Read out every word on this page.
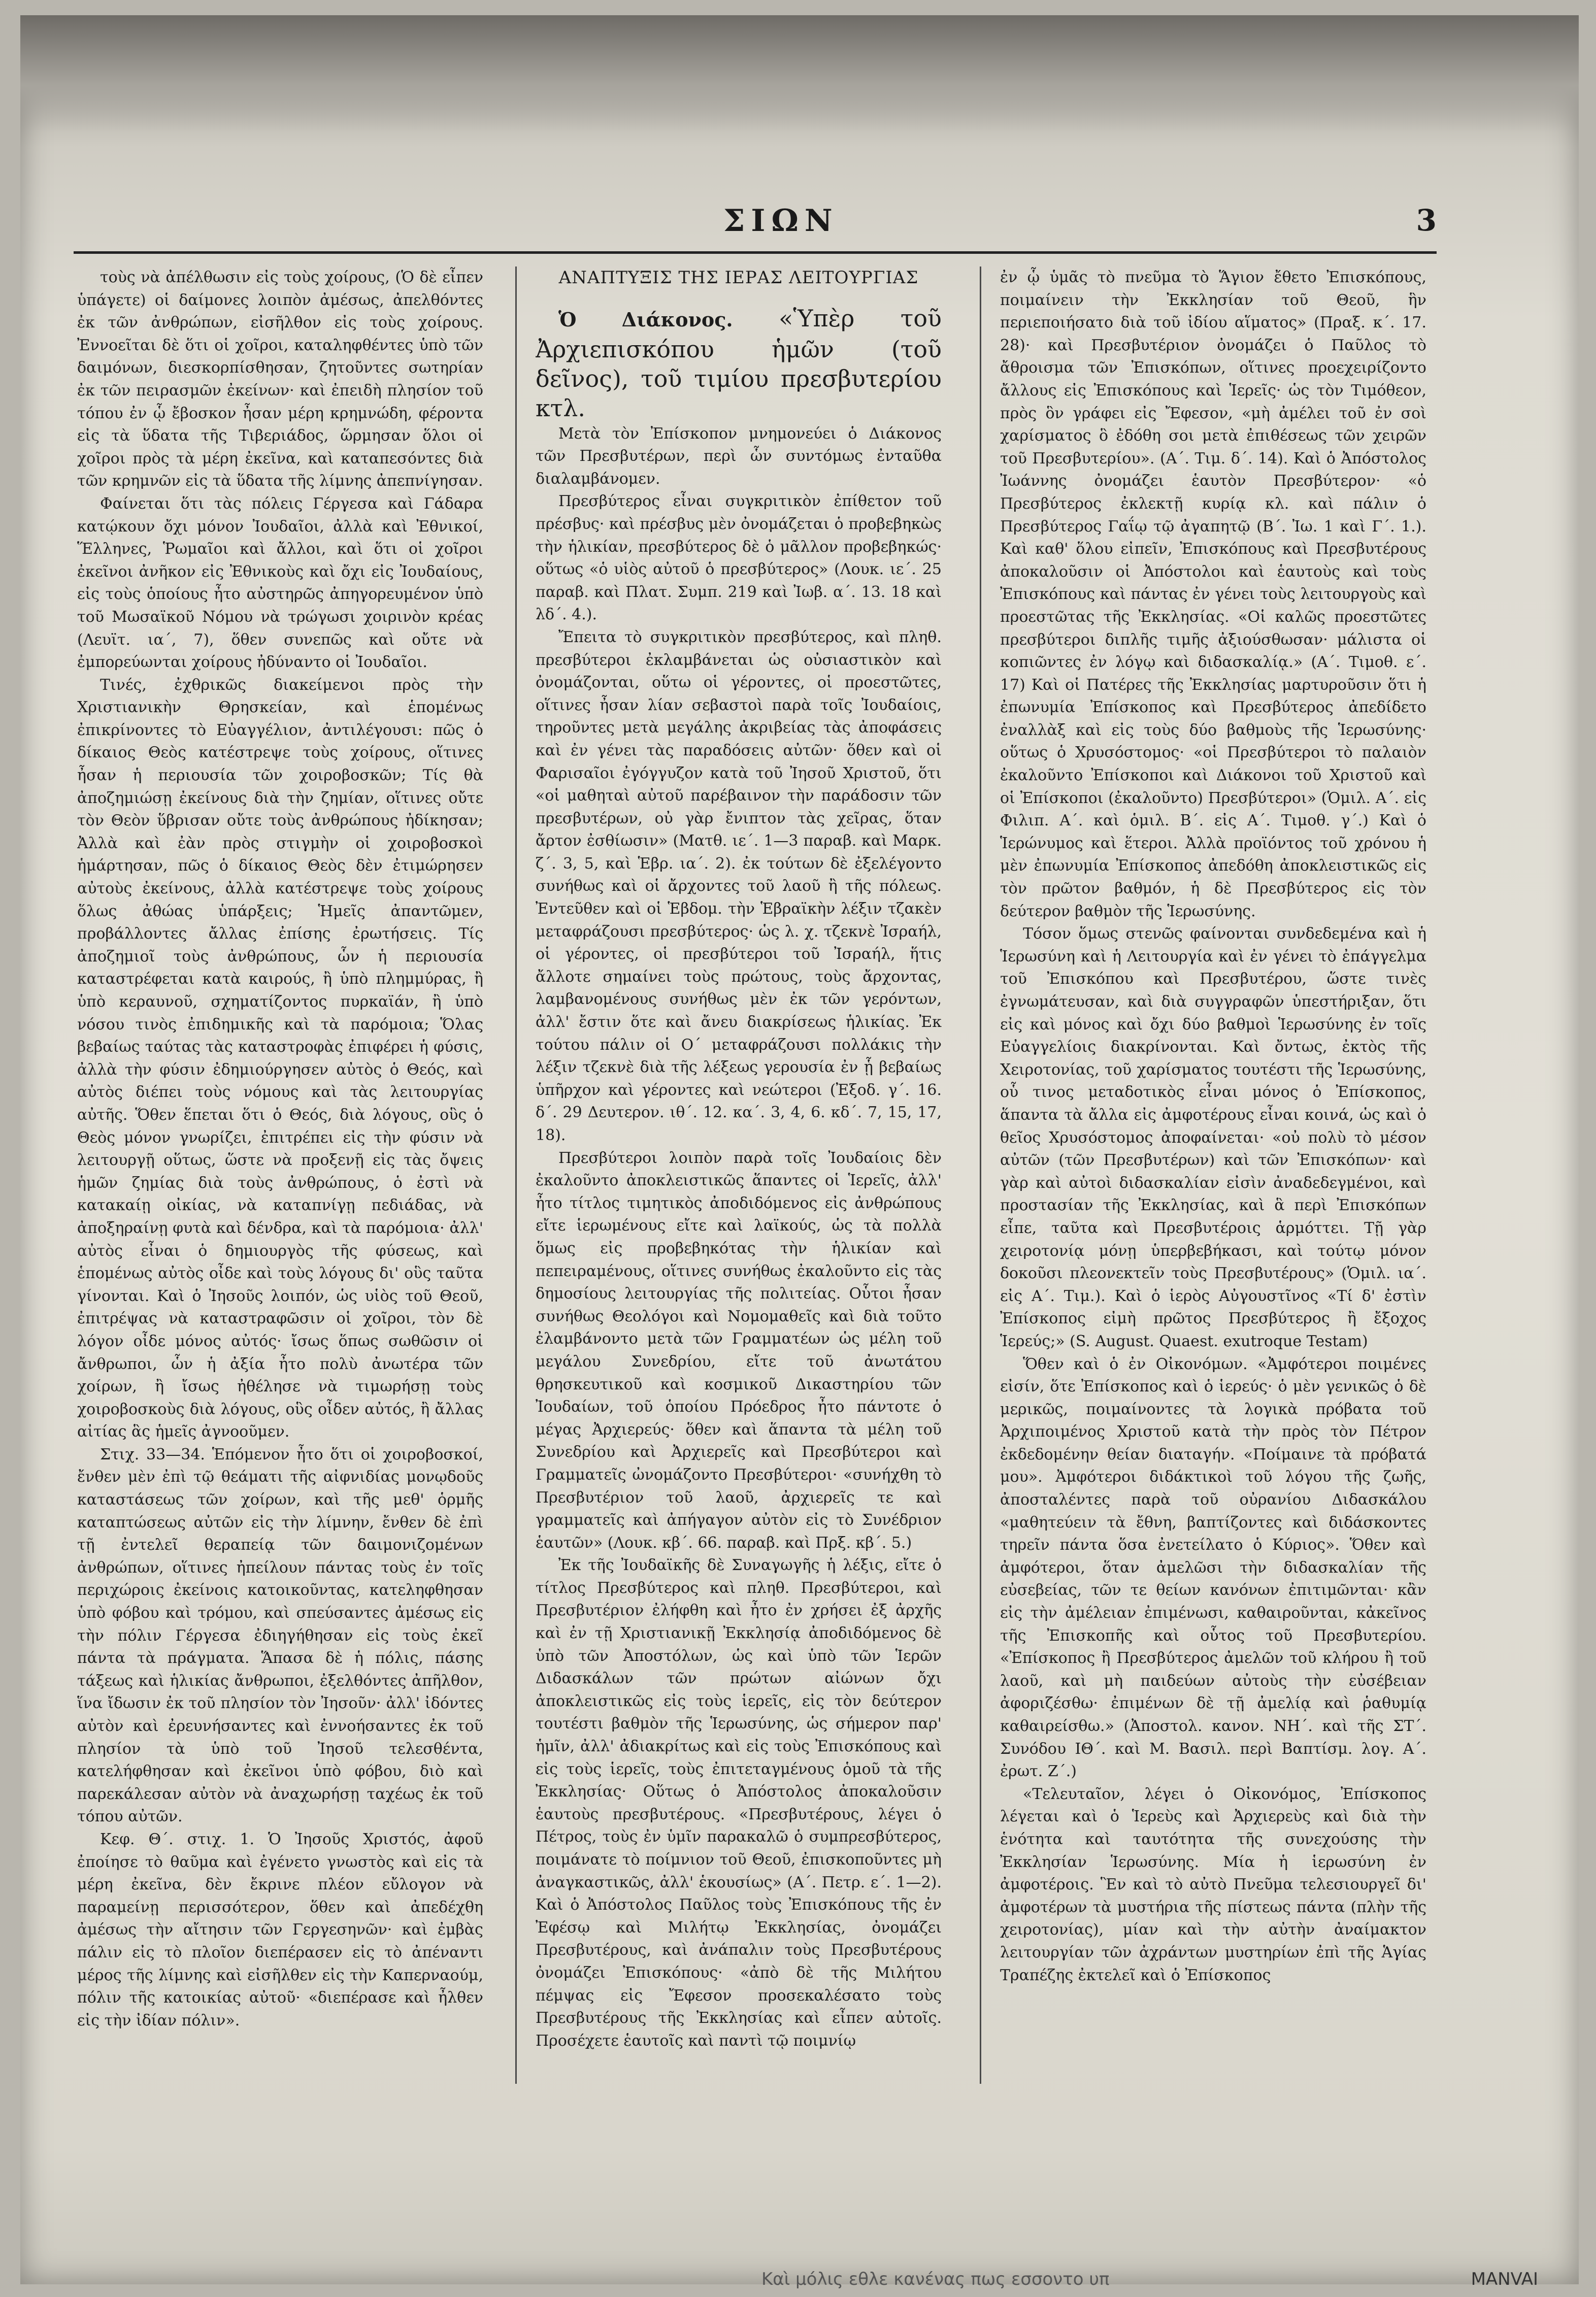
ΣΙΩΝ	3

τοὺς νὰ ἀπέλθωσιν εἰς τοὺς χοίρους, (Ὁ δὲ εἶπεν ὑπάγετε) οἱ δαίμονες λοιπὸν ἀμέσως, ἀπελθόντες ἐκ τῶν ἀνθρώπων, εἰσῆλθον εἰς τοὺς χοίρους. Ἐννοεῖται δὲ ὅτι οἱ χοῖροι, καταληφθέντες ὑπὸ τῶν δαιμόνων, διεσκορπίσθησαν, ζητοῦντες σωτηρίαν ἐκ τῶν πειρασμῶν ἐκείνων· καὶ ἐπειδὴ πλησίον τοῦ τόπου ἐν ᾧ ἔβοσκον ἦσαν μέρη κρημνώδη, φέροντα εἰς τὰ ὕδατα τῆς Τιβεριάδος, ὥρμησαν ὅλοι οἱ χοῖροι πρὸς τὰ μέρη ἐκεῖνα, καὶ καταπεσόντες διὰ τῶν κρημνῶν εἰς τὰ ὕδατα τῆς λίμνης ἀπεπνίγησαν.

Φαίνεται ὅτι τὰς πόλεις Γέργεσα καὶ Γάδαρα κατῴκουν ὄχι μόνον Ἰουδαῖοι, ἀλλὰ καὶ Ἐθνικοί, Ἕλληνες, Ῥωμαῖοι καὶ ἄλλοι, καὶ ὅτι οἱ χοῖροι ἐκεῖνοι ἀνῆκον εἰς Ἐθνικοὺς καὶ ὄχι εἰς Ἰουδαίους, εἰς τοὺς ὁποίους ἦτο αὐστηρῶς ἀπηγορευμένον ὑπὸ τοῦ Μωσαϊκοῦ Νόμου νὰ τρώγωσι χοιρινὸν κρέας (Λευϊτ. ια΄, 7), ὅθεν συνεπῶς καὶ οὔτε νὰ ἐμπορεύωνται χοίρους ἠδύναντο οἱ Ἰουδαῖοι.

Τινές, ἐχθρικῶς διακείμενοι πρὸς τὴν Χριστιανικὴν Θρησκείαν, καὶ ἑπομένως ἐπικρίνοντες τὸ Εὐαγγέλιον, ἀντιλέγουσι: πῶς ὁ δίκαιος Θεὸς κατέστρεψε τοὺς χοίρους, οἵτινες ἦσαν ἡ περιουσία τῶν χοιροβοσκῶν; Τίς θὰ ἀποζημιώσῃ ἐκείνους διὰ τὴν ζημίαν, οἵτινες οὔτε τὸν Θεὸν ὕβρισαν οὔτε τοὺς ἀνθρώπους ἠδίκησαν; Ἀλλὰ καὶ ἐὰν πρὸς στιγμὴν οἱ χοιροβοσκοὶ ἡμάρτησαν, πῶς ὁ δίκαιος Θεὸς δὲν ἐτιμώρησεν αὐτοὺς ἐκείνους, ἀλλὰ κατέστρεψε τοὺς χοίρους ὅλως ἀθώας ὑπάρξεις; Ἡμεῖς ἀπαντῶμεν, προβάλλοντες ἄλλας ἐπίσης ἐρωτήσεις. Τίς ἀποζημιοῖ τοὺς ἀνθρώπους, ὧν ἡ περιουσία καταστρέφεται κατὰ καιρούς, ἢ ὑπὸ πλημμύρας, ἢ ὑπὸ κεραυνοῦ, σχηματίζοντος πυρκαϊάν, ἢ ὑπὸ νόσου τινὸς ἐπιδημικῆς καὶ τὰ παρόμοια; Ὅλας βεβαίως ταύτας τὰς καταστροφὰς ἐπιφέρει ἡ φύσις, ἀλλὰ τὴν φύσιν ἐδημιούργησεν αὐτὸς ὁ Θεός, καὶ αὐτὸς διέπει τοὺς νόμους καὶ τὰς λειτουργίας αὐτῆς. Ὅθεν ἕπεται ὅτι ὁ Θεός, διὰ λόγους, οὓς ὁ Θεὸς μόνον γνωρίζει, ἐπιτρέπει εἰς τὴν φύσιν νὰ λειτουργῇ οὕτως, ὥστε νὰ προξενῇ εἰς τὰς ὄψεις ἡμῶν ζημίας διὰ τοὺς ἀνθρώπους, ὁ ἐστὶ νὰ κατακαίῃ οἰκίας, νὰ καταπνίγῃ πεδιάδας, νὰ ἀποξηραίνῃ φυτὰ καὶ δένδρα, καὶ τὰ παρόμοια· ἀλλ' αὐτὸς εἶναι ὁ δημιουργὸς τῆς φύσεως, καὶ ἑπομένως αὐτὸς οἶδε καὶ τοὺς λόγους δι' οὓς ταῦτα γίνονται. Καὶ ὁ Ἰησοῦς λοιπόν, ὡς υἱὸς τοῦ Θεοῦ, ἐπιτρέψας νὰ καταστραφῶσιν οἱ χοῖροι, τὸν δὲ λόγον οἶδε μόνος αὐτός· ἴσως ὅπως σωθῶσιν οἱ ἄνθρωποι, ὧν ἡ ἀξία ἦτο πολὺ ἀνωτέρα τῶν χοίρων, ἢ ἴσως ἠθέλησε νὰ τιμωρήσῃ τοὺς χοιροβοσκοὺς διὰ λόγους, οὓς οἶδεν αὐτός, ἢ ἄλλας αἰτίας ἃς ἡμεῖς ἀγνοοῦμεν.

Στιχ. 33—34. Ἑπόμενον ἦτο ὅτι οἱ χοιροβοσκοί, ἔνθεν μὲν ἐπὶ τῷ θεάματι τῆς αἰφνιδίας μονῳδοῦς καταστάσεως τῶν χοίρων, καὶ τῆς μεθ' ὁρμῆς καταπτώσεως αὐτῶν εἰς τὴν λίμνην, ἔνθεν δὲ ἐπὶ τῇ ἐντελεῖ θεραπείᾳ τῶν δαιμονιζομένων ἀνθρώπων, οἵτινες ἠπείλουν πάντας τοὺς ἐν τοῖς περιχώροις ἐκείνοις κατοικοῦντας, κατεληφθησαν ὑπὸ φόβου καὶ τρόμου, καὶ σπεύσαντες ἀμέσως εἰς τὴν πόλιν Γέργεσα ἐδιηγήθησαν εἰς τοὺς ἐκεῖ πάντα τὰ πράγματα. Ἅπασα δὲ ἡ πόλις, πάσης τάξεως καὶ ἡλικίας ἄνθρωποι, ἐξελθόντες ἀπῆλθον, ἵνα ἴδωσιν ἐκ τοῦ πλησίον τὸν Ἰησοῦν· ἀλλ' ἰδόντες αὐτὸν καὶ ἐρευνήσαντες καὶ ἐννοήσαντες ἐκ τοῦ πλησίον τὰ ὑπὸ τοῦ Ἰησοῦ τελεσθέντα, κατελήφθησαν καὶ ἐκεῖνοι ὑπὸ φόβου, διὸ καὶ παρεκάλεσαν αὐτὸν νὰ ἀναχωρήσῃ ταχέως ἐκ τοῦ τόπου αὐτῶν.

Κεφ. Θ΄. στιχ. 1. Ὁ Ἰησοῦς Χριστός, ἀφοῦ ἐποίησε τὸ θαῦμα καὶ ἐγένετο γνωστὸς καὶ εἰς τὰ μέρη ἐκεῖνα, δὲν ἔκρινε πλέον εὔλογον νὰ παραμείνῃ περισσότερον, ὅθεν καὶ ἀπεδέχθη ἀμέσως τὴν αἴτησιν τῶν Γεργεσηνῶν· καὶ ἐμβὰς πάλιν εἰς τὸ πλοῖον διεπέρασεν εἰς τὸ ἀπέναντι μέρος τῆς λίμνης καὶ εἰσῆλθεν εἰς τὴν Καπερναούμ, πόλιν τῆς κατοικίας αὐτοῦ· «διεπέρασε καὶ ἦλθεν εἰς τὴν ἰδίαν πόλιν».

ΑΝΑΠΤΥΞΙΣ ΤΗΣ ΙΕΡΑΣ ΛΕΙΤΟΥΡΓΙΑΣ

Ὁ Διάκονος. «Ὑπὲρ τοῦ Ἀρχιεπισκόπου ἡμῶν (τοῦ δεῖνος), τοῦ τιμίου πρεσβυτερίου κτλ.

Μετὰ τὸν Ἐπίσκοπον μνημονεύει ὁ Διάκονος τῶν Πρεσβυτέρων, περὶ ὧν συντόμως ἐνταῦθα διαλαμβάνομεν.

Πρεσβύτερος εἶναι συγκριτικὸν ἐπίθετον τοῦ πρέσβυς· καὶ πρέσβυς μὲν ὀνομάζεται ὁ προβεβηκὼς τὴν ἡλικίαν, πρεσβύτερος δὲ ὁ μᾶλλον προβεβηκώς· οὕτως «ὁ υἱὸς αὐτοῦ ὁ πρεσβύτερος» (Λουκ. ιε΄. 25 παραβ. καὶ Πλατ. Συμπ. 219 καὶ Ἰωβ. α΄. 13. 18 καὶ λδ΄. 4.).

Ἔπειτα τὸ συγκριτικὸν πρεσβύτερος, καὶ πληθ. πρεσβύτεροι ἐκλαμβάνεται ὡς οὐσιαστικὸν καὶ ὀνομάζονται, οὕτω οἱ γέροντες, οἱ προεστῶτες, οἵτινες ἦσαν λίαν σεβαστοὶ παρὰ τοῖς Ἰουδαίοις, τηροῦντες μετὰ μεγάλης ἀκριβείας τὰς ἀποφάσεις καὶ ἐν γένει τὰς παραδόσεις αὐτῶν· ὅθεν καὶ οἱ Φαρισαῖοι ἐγόγγυζον κατὰ τοῦ Ἰησοῦ Χριστοῦ, ὅτι «οἱ μαθηταὶ αὐτοῦ παρέβαινον τὴν παράδοσιν τῶν πρεσβυτέρων, οὐ γὰρ ἔνιπτον τὰς χεῖρας, ὅταν ἄρτον ἐσθίωσιν» (Ματθ. ιε΄. 1—3 παραβ. καὶ Μαρκ. ζ΄. 3, 5, καὶ Ἑβρ. ια΄. 2). ἐκ τούτων δὲ ἐξελέγοντο συνήθως καὶ οἱ ἄρχοντες τοῦ λαοῦ ἢ τῆς πόλεως. Ἐντεῦθεν καὶ οἱ Ἑβδομ. τὴν Ἑβραϊκὴν λέξιν τζακὲν μεταφράζουσι πρεσβύτερος· ὡς λ. χ. τζεκνὲ Ἰσραήλ, οἱ γέροντες, οἱ πρεσβύτεροι τοῦ Ἰσραήλ, ἥτις ἄλλοτε σημαίνει τοὺς πρώτους, τοὺς ἄρχοντας, λαμβανομένους συνήθως μὲν ἐκ τῶν γερόντων, ἀλλ' ἔστιν ὅτε καὶ ἄνευ διακρίσεως ἡλικίας. Ἐκ τούτου πάλιν οἱ Ο΄ μεταφράζουσι πολλάκις τὴν λέξιν τζεκνὲ διὰ τῆς λέξεως γερουσία ἐν ᾗ βεβαίως ὑπῆρχον καὶ γέροντες καὶ νεώτεροι (Ἐξοδ. γ΄. 16. δ΄. 29 Δευτερον. ιθ΄. 12. κα΄. 3, 4, 6. κδ΄. 7, 15, 17, 18).

Πρεσβύτεροι λοιπὸν παρὰ τοῖς Ἰουδαίοις δὲν ἐκαλοῦντο ἀποκλειστικῶς ἅπαντες οἱ Ἱερεῖς, ἀλλ' ἦτο τίτλος τιμητικὸς ἀποδιδόμενος εἰς ἀνθρώπους εἴτε ἱερωμένους εἴτε καὶ λαϊκούς, ὡς τὰ πολλὰ ὅμως εἰς προβεβηκότας τὴν ἡλικίαν καὶ πεπειραμένους, οἵτινες συνήθως ἐκαλοῦντο εἰς τὰς δημοσίους λειτουργίας τῆς πολιτείας. Οὗτοι ἦσαν συνήθως Θεολόγοι καὶ Νομομαθεῖς καὶ διὰ τοῦτο ἐλαμβάνοντο μετὰ τῶν Γραμματέων ὡς μέλη τοῦ μεγάλου Συνεδρίου, εἴτε τοῦ ἀνωτάτου θρησκευτικοῦ καὶ κοσμικοῦ Δικαστηρίου τῶν Ἰουδαίων, τοῦ ὁποίου Πρόεδρος ἦτο πάντοτε ὁ μέγας Ἀρχιερεύς· ὅθεν καὶ ἅπαντα τὰ μέλη τοῦ Συνεδρίου καὶ Ἀρχιερεῖς καὶ Πρεσβύτεροι καὶ Γραμματεῖς ὠνομάζοντο Πρεσβύτεροι· «συνήχθη τὸ Πρεσβυτέριον τοῦ λαοῦ, ἀρχιερεῖς τε καὶ γραμματεῖς καὶ ἀπήγαγον αὐτὸν εἰς τὸ Συνέδριον ἑαυτῶν» (Λουκ. κβ΄. 66. παραβ. καὶ Πρξ. κβ΄. 5.)

Ἐκ τῆς Ἰουδαϊκῆς δὲ Συναγωγῆς ἡ λέξις, εἴτε ὁ τίτλος Πρεσβύτερος καὶ πληθ. Πρεσβύτεροι, καὶ Πρεσβυτέριον ἐλήφθη καὶ ἦτο ἐν χρήσει ἐξ ἀρχῆς καὶ ἐν τῇ Χριστιανικῇ Ἐκκλησίᾳ ἀποδιδόμενος δὲ ὑπὸ τῶν Ἀποστόλων, ὡς καὶ ὑπὸ τῶν Ἱερῶν Διδασκάλων τῶν πρώτων αἰώνων ὄχι ἀποκλειστικῶς εἰς τοὺς ἱερεῖς, εἰς τὸν δεύτερον τουτέστι βαθμὸν τῆς Ἱερωσύνης, ὡς σήμερον παρ' ἡμῖν, ἀλλ' ἀδιακρίτως καὶ εἰς τοὺς Ἐπισκόπους καὶ εἰς τοὺς ἱερεῖς, τοὺς ἐπιτεταγμένους ὁμοῦ τὰ τῆς Ἐκκλησίας· Οὕτως ὁ Ἀπόστολος ἀποκαλοῦσιν ἑαυτοὺς πρεσβυτέρους. «Πρεσβυτέρους, λέγει ὁ Πέτρος, τοὺς ἐν ὑμῖν παρακαλῶ ὁ συμπρεσβύτερος, ποιμάνατε τὸ ποίμνιον τοῦ Θεοῦ, ἐπισκοποῦντες μὴ ἀναγκαστικῶς, ἀλλ' ἑκουσίως» (Α΄. Πετρ. ε΄. 1—2). Καὶ ὁ Ἀπόστολος Παῦλος τοὺς Ἐπισκόπους τῆς ἐν Ἐφέσῳ καὶ Μιλήτῳ Ἐκκλησίας, ὀνομάζει Πρεσβυτέρους, καὶ ἀνάπαλιν τοὺς Πρεσβυτέρους ὀνομάζει Ἐπισκόπους· «ἀπὸ δὲ τῆς Μιλήτου πέμψας εἰς Ἔφεσον προσεκαλέσατο τοὺς Πρεσβυτέρους τῆς Ἐκκλησίας καὶ εἶπεν αὐτοῖς. Προσέχετε ἑαυτοῖς καὶ παντὶ τῷ ποιμνίῳ

ἐν ᾧ ὑμᾶς τὸ πνεῦμα τὸ Ἅγιον ἔθετο Ἐπισκόπους, ποιμαίνειν τὴν Ἐκκλησίαν τοῦ Θεοῦ, ἣν περιεποιήσατο διὰ τοῦ ἰδίου αἵματος» (Πραξ. κ΄. 17. 28)· καὶ Πρεσβυτέριον ὀνομάζει ὁ Παῦλος τὸ ἄθροισμα τῶν Ἐπισκόπων, οἵτινες προεχειρίζοντο ἄλλους εἰς Ἐπισκόπους καὶ Ἱερεῖς· ὡς τὸν Τιμόθεον, πρὸς ὃν γράφει εἰς Ἔφεσον, «μὴ ἀμέλει τοῦ ἐν σοὶ χαρίσματος ὃ ἐδόθη σοι μετὰ ἐπιθέσεως τῶν χειρῶν τοῦ Πρεσβυτερίου». (Α΄. Τιμ. δ΄. 14). Καὶ ὁ Ἀπόστολος Ἰωάννης ὀνομάζει ἑαυτὸν Πρεσβύτερον· «ὁ Πρεσβύτερος ἐκλεκτῇ κυρίᾳ κλ. καὶ πάλιν ὁ Πρεσβύτερος Γαΐῳ τῷ ἀγαπητῷ (Β΄. Ἰω. 1 καὶ Γ΄. 1.). Καὶ καθ' ὅλου εἰπεῖν, Ἐπισκόπους καὶ Πρεσβυτέρους ἀποκαλοῦσιν οἱ Ἀπόστολοι καὶ ἑαυτοὺς καὶ τοὺς Ἐπισκόπους καὶ πάντας ἐν γένει τοὺς λειτουργοὺς καὶ προεστῶτας τῆς Ἐκκλησίας. «Οἱ καλῶς προεστῶτες πρεσβύτεροι διπλῆς τιμῆς ἀξιούσθωσαν· μάλιστα οἱ κοπιῶντες ἐν λόγῳ καὶ διδασκαλίᾳ.» (Α΄. Τιμοθ. ε΄. 17) Καὶ οἱ Πατέρες τῆς Ἐκκλησίας μαρτυροῦσιν ὅτι ἡ ἐπωνυμία Ἐπίσκοπος καὶ Πρεσβύτερος ἀπεδίδετο ἐναλλὰξ καὶ εἰς τοὺς δύο βαθμοὺς τῆς Ἱερωσύνης· οὕτως ὁ Χρυσόστομος· «οἱ Πρεσβύτεροι τὸ παλαιὸν ἐκαλοῦντο Ἐπίσκοποι καὶ Διάκονοι τοῦ Χριστοῦ καὶ οἱ Ἐπίσκοποι (ἐκαλοῦντο) Πρεσβύτεροι» (Ὁμιλ. Α΄. εἰς Φιλιπ. Α΄. καὶ ὁμιλ. Β΄. εἰς Α΄. Τιμοθ. γ΄.) Καὶ ὁ Ἱερώνυμος καὶ ἕτεροι. Ἀλλὰ προϊόντος τοῦ χρόνου ἡ μὲν ἐπωνυμία Ἐπίσκοπος ἀπεδόθη ἀποκλειστικῶς εἰς τὸν πρῶτον βαθμόν, ἡ δὲ Πρεσβύτερος εἰς τὸν δεύτερον βαθμὸν τῆς Ἱερωσύνης.

Τόσον ὅμως στενῶς φαίνονται συνδεδεμένα καὶ ἡ Ἱερωσύνη καὶ ἡ Λειτουργία καὶ ἐν γένει τὸ ἐπάγγελμα τοῦ Ἐπισκόπου καὶ Πρεσβυτέρου, ὥστε τινὲς ἐγνωμάτευσαν, καὶ διὰ συγγραφῶν ὑπεστήριξαν, ὅτι εἰς καὶ μόνος καὶ ὄχι δύο βαθμοὶ Ἱερωσύνης ἐν τοῖς Εὐαγγελίοις διακρίνονται. Καὶ ὄντως, ἐκτὸς τῆς Χειροτονίας, τοῦ χαρίσματος τουτέστι τῆς Ἱερωσύνης, οὗ τινος μεταδοτικὸς εἶναι μόνος ὁ Ἐπίσκοπος, ἅπαντα τὰ ἄλλα εἰς ἀμφοτέρους εἶναι κοινά, ὡς καὶ ὁ θεῖος Χρυσόστομος ἀποφαίνεται· «οὐ πολὺ τὸ μέσον αὐτῶν (τῶν Πρεσβυτέρων) καὶ τῶν Ἐπισκόπων· καὶ γὰρ καὶ αὐτοὶ διδασκαλίαν εἰσὶν ἀναδεδεγμένοι, καὶ προστασίαν τῆς Ἐκκλησίας, καὶ ἃ περὶ Ἐπισκόπων εἶπε, ταῦτα καὶ Πρεσβυτέροις ἁρμόττει. Τῇ γὰρ χειροτονίᾳ μόνῃ ὑπερβεβήκασι, καὶ τούτῳ μόνον δοκοῦσι πλεονεκτεῖν τοὺς Πρεσβυτέρους» (Ὁμιλ. ια΄. εἰς Α΄. Τιμ.). Καὶ ὁ ἱερὸς Αὐγουστῖνος «Τί δ' ἐστὶν Ἐπίσκοπος εἰμὴ πρῶτος Πρεσβύτερος ἢ ἔξοχος Ἱερεύς;» (S. August. Quaest. exutroque Testam)

Ὅθεν καὶ ὁ ἐν Οἰκονόμων. «Ἀμφότεροι ποιμένες εἰσίν, ὅτε Ἐπίσκοπος καὶ ὁ ἱερεύς· ὁ μὲν γενικῶς ὁ δὲ μερικῶς, ποιμαίνοντες τὰ λογικὰ πρόβατα τοῦ Ἀρχιποιμένος Χριστοῦ κατὰ τὴν πρὸς τὸν Πέτρον ἐκδεδομένην θείαν διαταγήν. «Ποίμαινε τὰ πρόβατά μου». Ἀμφότεροι διδάκτικοὶ τοῦ λόγου τῆς ζωῆς, ἀποσταλέντες παρὰ τοῦ οὐρανίου Διδασκάλου «μαθητεύειν τὰ ἔθνη, βαπτίζοντες καὶ διδάσκοντες τηρεῖν πάντα ὅσα ἐνετείλατο ὁ Κύριος». Ὅθεν καὶ ἀμφότεροι, ὅταν ἀμελῶσι τὴν διδασκαλίαν τῆς εὐσεβείας, τῶν τε θείων κανόνων ἐπιτιμῶνται· κἂν εἰς τὴν ἀμέλειαν ἐπιμένωσι, καθαιροῦνται, κἀκεῖνος τῆς Ἐπισκοπῆς καὶ οὗτος τοῦ Πρεσβυτερίου. «Ἐπίσκοπος ἢ Πρεσβύτερος ἀμελῶν τοῦ κλήρου ἢ τοῦ λαοῦ, καὶ μὴ παιδεύων αὐτοὺς τὴν εὐσέβειαν ἀφοριζέσθω· ἐπιμένων δὲ τῇ ἀμελίᾳ καὶ ῥαθυμίᾳ καθαιρείσθω.» (Ἀποστολ. κανον. ΝΗ΄. καὶ τῆς ΣΤ΄. Συνόδου ΙΘ΄. καὶ Μ. Βασιλ. περὶ Βαπτίσμ. λογ. Α΄. ἐρωτ. Ζ΄.)

«Τελευταῖον, λέγει ὁ Οἰκονόμος, Ἐπίσκοπος λέγεται καὶ ὁ Ἱερεὺς καὶ Ἀρχιερεὺς καὶ διὰ τὴν ἑνότητα καὶ ταυτότητα τῆς συνεχούσης τὴν Ἐκκλησίαν Ἱερωσύνης. Μία ἡ ἱερωσύνη ἐν ἀμφοτέροις. Ἓν καὶ τὸ αὐτὸ Πνεῦμα τελεσιουργεῖ δι' ἀμφοτέρων τὰ μυστήρια τῆς πίστεως πάντα (πλὴν τῆς χειροτονίας), μίαν καὶ τὴν αὐτὴν ἀναίμακτον λειτουργίαν τῶν ἀχράντων μυστηρίων ἐπὶ τῆς Ἁγίας Τραπέζης ἐκτελεῖ καὶ ὁ Ἐπίσκοπος

Καὶ μόλις εθλε κανένας πως εσσοντο υπ	MANVAI
